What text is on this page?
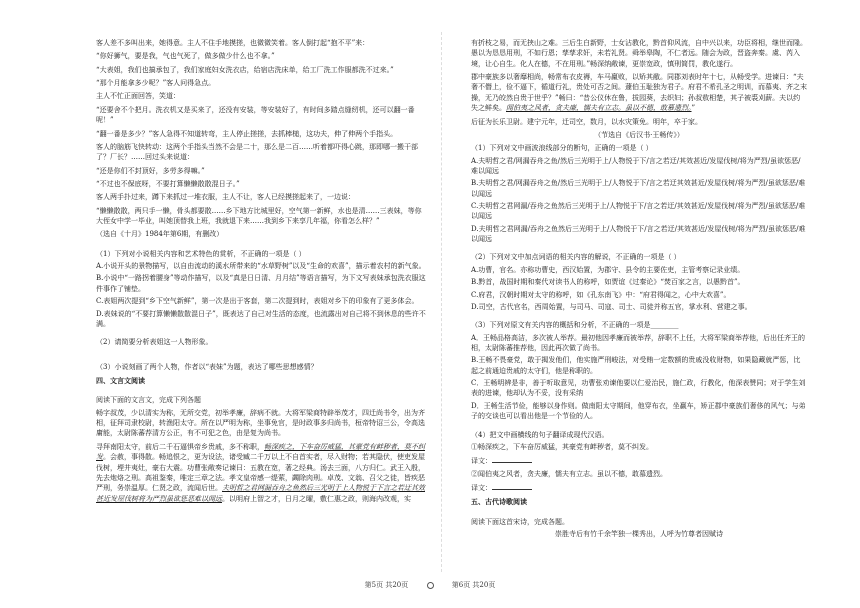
客人差不多叫出来，她得意。主人不住手地摸搓，也微微笑着。客人倒打起“抱不平”来：

“你好狮气，要是我，气也气死了，做多做少什么也不拿。”

“大表姐，我们也搞承包了，我们家庭妇女洗衣店，给宿店洗床单，给工厂洗工作服都洗不过来。”

“那个月能拿多少呢？”客人问得急点。

主人不忙正面回答，笑道：

“还要舍不个把月。洗衣机又是买来了，还没有安装，等安装好了，有时间多踏点缝纫机，还可以翻一番呢！”

“翻一番是多少？”客人急得不知道转弯，主人停止搓搓，去抓棒槌，这功夫，伸了伸两个手指头。

客人的脑筋飞快转动：这两个手指头当然不会是二十，那么是二百……听着都吓得心跳，那即哪一搬干部了？厂长？……回过头来说道：

“还是你们不封顶好，多劳多得嘛。”

“不过也不保底呀，不要打算懒懒散散混日子。”

客人两手扑过来，蹲下来抓过一堆衣服，主人不让，客人已经摸搓起来了，一边说：

“懒懒散散，两只手一懒，骨头都要散……乡下地方比城里好，空气第一新鲜，水也是清……三表妹，等你大侄女中学一毕业，叫她顶替我上班，我就退下来……我到乡下来享几年福，你看怎么样？”

（选自《十月》1984年第6期，有删改）

（1）下列对小说相关内容和艺术特色的赏析，不正确的一项是（ ）

A.小说开头的景物描写，以自由流动的溪水所带来的“水草野树”以及“生命的欢喜”，描示着农村的新气象。

B.小说中“一路拐着腰身”等动作描写，以及“真是日日清、月月结”等语言描写，为下文写表妹承包洗衣服这件事作了铺垫。

C.表姐两次提到“乡下空气新鲜”，第一次是出于客套，第二次提到时，表姐对乡下的印象有了更多体会。

D.表妹说的“不要打算懒懒散散混日子”，既表达了自己对生活的态度，也流露出对自己将不到休息的些许不满。

（2）请简要分析表姐这一人物形象。

（3）小说刻画了两个人物，作者以“表妹”为题，表达了哪些思想感情？

四、文言文阅读

阅读下面的文言文，完成下列各题

畅字叔茂，少以清实为称，无所交党，初举孝廉，辞病不就。大将军梁商特辟举茂才，四迁尚书令，出为齐相，征拜司隶校尉，转渔阳太守。所在以严明为称，坐事免官，是时政事多归尚书，桓帝特诏三公，令高选庸能，太尉陈蕃荐清方公正，有不可犯之色，由是复为尚书。

寻拜南阳太守，前后二千石逼惧帝乡贵戚，多不称职，畅深疾之，下车奋厉威猛，其豪党有衅秽者，莫不纠发。会赦，事得散。畅追恨之，更为设法，诸受臧二千万以上不自首实者，尽入财物；若其隐伏，使吏发屋伐树，堙井夷灶，豪右大震。功曹张敞奏记谏曰：五教在宽，著之经典。汤去三面，八方归仁。武王入殷，先去炮烙之刑。高祖鉴秦，唯定三章之法。孝文皇帝感一缇萦，蠲除肉刑。卓茂、文翁、召父之徒，皆疾恶严刑，务崇温厚。仁贤之政，流闻后世。夫明哲之君网漏吞舟之鱼然后三光明于上人物悦于下言之若迂其效甚近发屋伐树将为严烈虽欲惩恶难以闻远。以明府上智之才，日月之曜，敷仁惠之政，则海内改观，实

有折枝之易，而无挟山之难。三后生白新野，士女沾教化，黔首仰风流，自中兴以来，功臣将相，继世而隆。愚以为恳恳用刑，不如行恩；孳孳求奸，未若礼贤。舜举皋陶，不仁者远。随会为政，晋盗奔秦。虞、芮入境，让心自生。化人在德，不在用刑。”畅深纳敞谏，更崇宽政，慎刑简罚，教化遂行。

郡中豪族多以奢靡相尚，畅常布衣皮褥，车马羸败，以矫其敝。同郡刘表时年十七，从畅受学。进谏曰：“夫奢不僭上，俭不逼下，循道行礼，贵处可否之间。蘧伯玉耻独为君子。府君不希孔圣之明训，而慕夷、齐之末操，无乃皎然自贵于世乎？”畅曰：“昔公仪休在鲁，拔园葵，去织妇；孙叔敖相楚，其子被裘刈薪。夫以约失之鲜矣。闻伯夷之风者，贪夫廉，懦夫有立志。虽以不德，敢慕遗烈。”

后征为长乐卫尉。建宁元年，迁司空，数月，以水灾策免。明年，卒于家。

（节选自《后汉书·王畅传》）

（1）下列对文中画波浪线部分的断句，正确的一项是（ ）

A.夫明哲之君/网漏吞舟之鱼/然后三光明于上/人物悦于下/言之若迂/其效甚近/发屋伐树/将为严烈/虽欲惩恶/难以闻远

B.夫明哲之君/网漏吞舟之鱼/然后三光明于上/人物悦于下/言之若迂其效甚近/发屋伐树/将为严烈/虽欲惩恶/难以闻远

C.夫明哲之君网漏/吞舟之鱼然后三光明于上/人物悦于下/言之若迂/其效甚近/发屋伐树/将为严烈/虽欲惩恶/难以闻远

D.夫明哲之君网漏/吞舟之鱼然后三光明于上/人物悦于下/言之若迂/其效甚近/发屋伐树/将为严烈/虽欲惩恶/难以闻远

（2）下列对文中加点词语的相关内容的解说，不正确的一项是（ ）

A.功曹，官名。亦称功曹史，西汉始置，为郡守、县令的主要佐吏，主管考察记录业绩。

B.黔首，战国时期和秦代对读书人的称呼，如贾谊《过秦论》“焚百家之言，以愚黔首”。

C.府君，汉朝时期对太守的称呼，如《孔东南飞》中：“府君得闻之，心中大欢喜”。

D.司空，古代官名，西周始置，与司马、司寇、司士、司徒并称五官，掌水利、营建之事。

（3）下列对原文有关内容的概括和分析，不正确的一项是________

A．王畅品格高洁，多次被人举荐。最初他因孝廉而被举荐，辞职不上任，大将军梁商举荐他，后出任齐王的相，太尉陈蕃推荐他，因此再次做了尚书。

B.王畅不畏豪党，敢于揭发他们，他实施严刑峻法，对受贿一定数额的贵戚没收财物，如果隐藏就严惩，比起之前通迫贵戚的太守们，他是称职的。

C．王畅明辨是非，善于听取意见，功曹张劝谏他要以仁爱治民，施仁政，行教化，他深表赞同；对于学生刘表的进谏，他却认为不妥，没有采纳

D．王畅生活节俭，能够以身作则。做南阳太守期间，他穿布衣，坐赢车，矫正郡中豪族们奢侈的风气；与弟子的交谈也可以看出他是一个节俭的人。

（4）把文中画横线的句子翻译成现代汉语。

①畅深疾之，下车奋厉威猛，其豪党有衅秽者，莫不纠发。

译文：

②闻伯夷之风者，贪夫廉，懦夫有立志。虽以不德，敢慕遗烈。

译文：

五、古代诗歌阅读

阅读下面这首宋诗，完成各题。

崇胜寺后有竹千余竿独一棵秀出，人呼为竹尊者因赋诗

第5页 共20页	第6页 共20页
